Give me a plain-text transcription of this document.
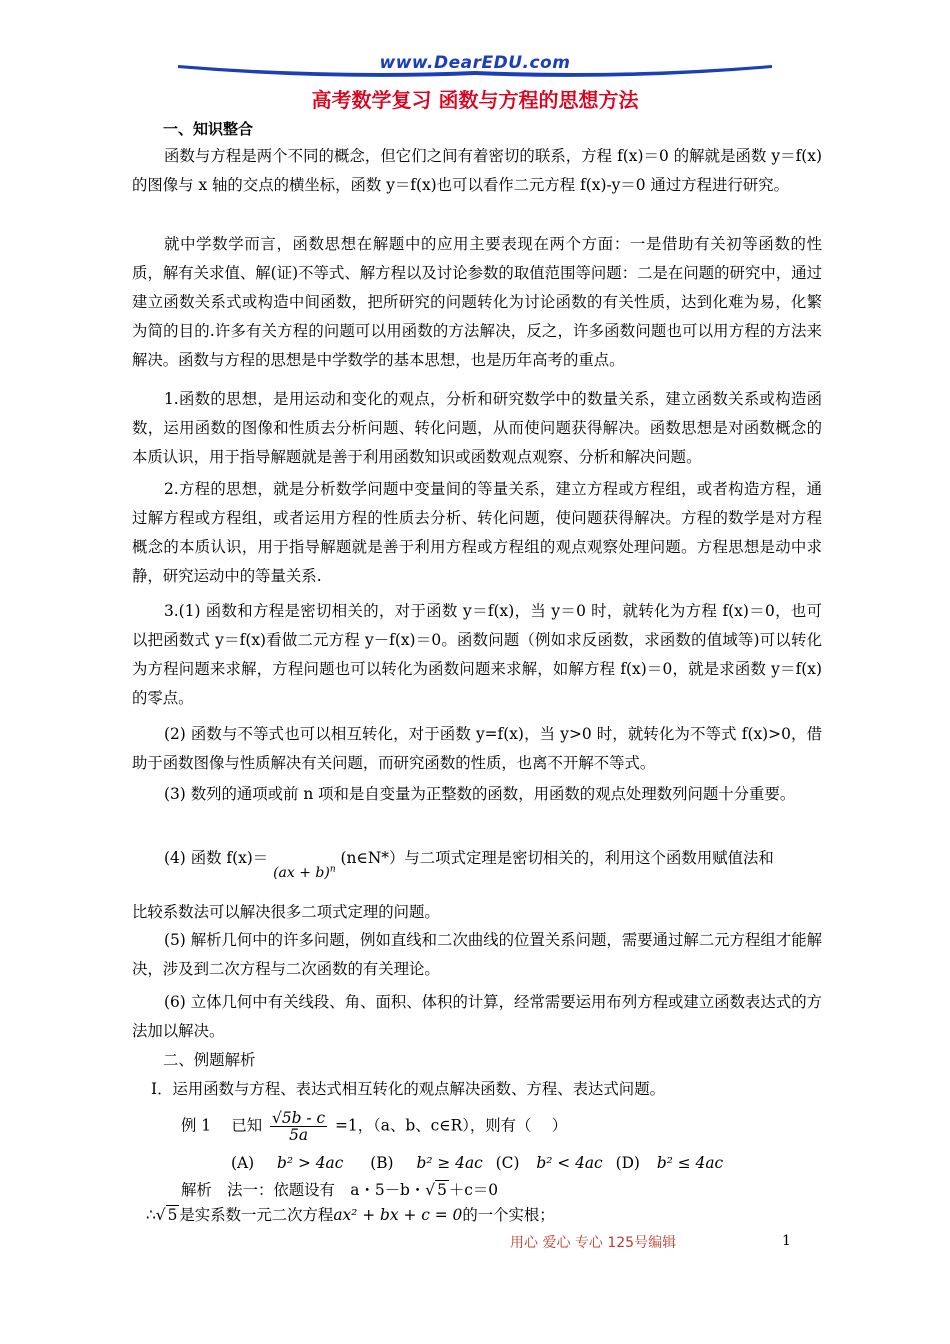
www.DearEDU.com
高考数学复习 函数与方程的思想方法
一、知识整合
函数与方程是两个不同的概念，但它们之间有着密切的联系，方程 f(x)＝0 的解就是函数 y＝f(x)的图像与 x 轴的交点的横坐标，函数 y＝f(x)也可以看作二元方程 f(x)-y＝0 通过方程进行研究。
就中学数学而言，函数思想在解题中的应用主要表现在两个方面：一是借助有关初等函数的性质，解有关求值、解(证)不等式、解方程以及讨论参数的取值范围等问题：二是在问题的研究中，通过建立函数关系式或构造中间函数，把所研究的问题转化为讨论函数的有关性质，达到化难为易，化繁为简的目的.许多有关方程的问题可以用函数的方法解决，反之，许多函数问题也可以用方程的方法来解决。函数与方程的思想是中学数学的基本思想，也是历年高考的重点。
1.函数的思想，是用运动和变化的观点，分析和研究数学中的数量关系，建立函数关系或构造函数，运用函数的图像和性质去分析问题、转化问题，从而使问题获得解决。函数思想是对函数概念的本质认识，用于指导解题就是善于利用函数知识或函数观点观察、分析和解决问题。
2.方程的思想，就是分析数学问题中变量间的等量关系，建立方程或方程组，或者构造方程，通过解方程或方程组，或者运用方程的性质去分析、转化问题，使问题获得解决。方程的数学是对方程概念的本质认识，用于指导解题就是善于利用方程或方程组的观点观察处理问题。方程思想是动中求静，研究运动中的等量关系.
3.(1) 函数和方程是密切相关的，对于函数 y＝f(x)，当 y＝0 时，就转化为方程 f(x)＝0，也可以把函数式 y＝f(x)看做二元方程 y－f(x)＝0。函数问题（例如求反函数，求函数的值域等)可以转化为方程问题来求解，方程问题也可以转化为函数问题来求解，如解方程 f(x)＝0，就是求函数 y＝f(x)的零点。
(2) 函数与不等式也可以相互转化，对于函数 y=f(x)，当 y>0 时，就转化为不等式 f(x)>0，借助于函数图像与性质解决有关问题，而研究函数的性质，也离不开解不等式。
(3) 数列的通项或前 n 项和是自变量为正整数的函数，用函数的观点处理数列问题十分重要。
(4) 函数 f(x)＝ (ax + b)$^n$ (n∈N*）与二项式定理是密切相关的，利用这个函数用赋值法和
比较系数法可以解决很多二项式定理的问题。
(5) 解析几何中的许多问题，例如直线和二次曲线的位置关系问题，需要通过解二元方程组才能解决，涉及到二次方程与二次函数的有关理论。
(6) 立体几何中有关线段、角、面积、体积的计算，经常需要运用布列方程或建立函数表达式的方法加以解决。
二、例题解析
Ⅰ．运用函数与方程、表达式相互转化的观点解决函数、方程、表达式问题。
例 1　 已知 $\frac{√5b - c}{5a} =1$，（a、b、c∈R），则有（　 ）
(A) b² > 4ac (B) b² ≥ 4ac (C) b² < 4ac (D) b² ≤ 4ac
解析　法一：依题设有　a・5－b・√ 5 ＋c＝0
∴√ 5 是实系数一元二次方程ax² + bx + c = 0的一个实根；
用心 爱心 专心 125号编辑	1
